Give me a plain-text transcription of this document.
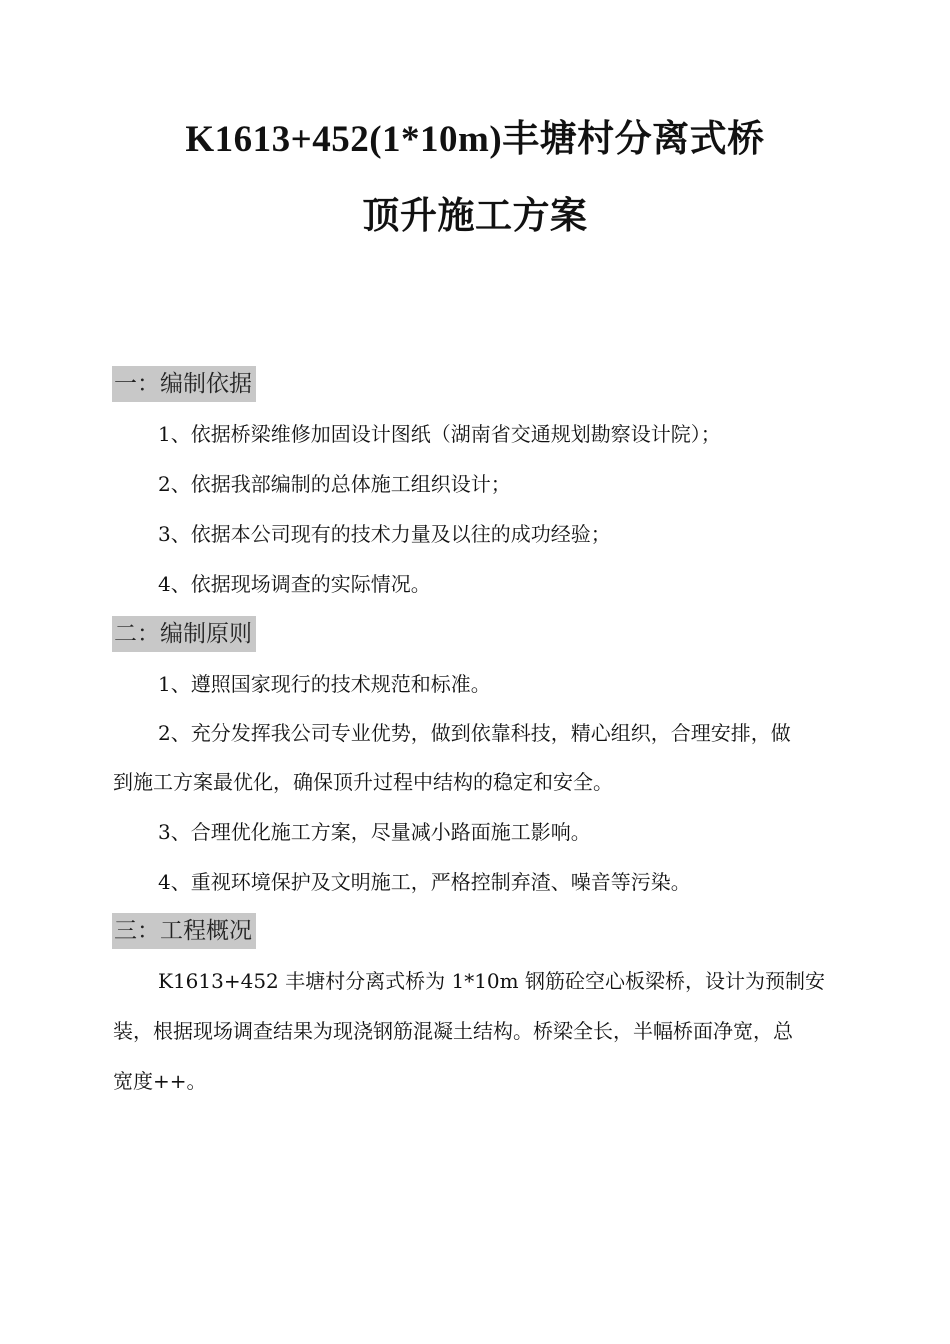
K1613+452(1*10m)丰塘村分离式桥
顶升施工方案
一：编制依据
1、依据桥梁维修加固设计图纸（湖南省交通规划勘察设计院）；
2、依据我部编制的总体施工组织设计；
3、依据本公司现有的技术力量及以往的成功经验；
4、依据现场调查的实际情况。
二：编制原则
1、遵照国家现行的技术规范和标准。
2、充分发挥我公司专业优势，做到依靠科技，精心组织，合理安排，做
到施工方案最优化，确保顶升过程中结构的稳定和安全。
3、合理优化施工方案，尽量减小路面施工影响。
4、重视环境保护及文明施工，严格控制弃渣、噪音等污染。
三：工程概况
K1613+452 丰塘村分离式桥为 1*10m 钢筋砼空心板梁桥，设计为预制安
装，根据现场调查结果为现浇钢筋混凝土结构。桥梁全长，半幅桥面净宽，总
宽度++。
